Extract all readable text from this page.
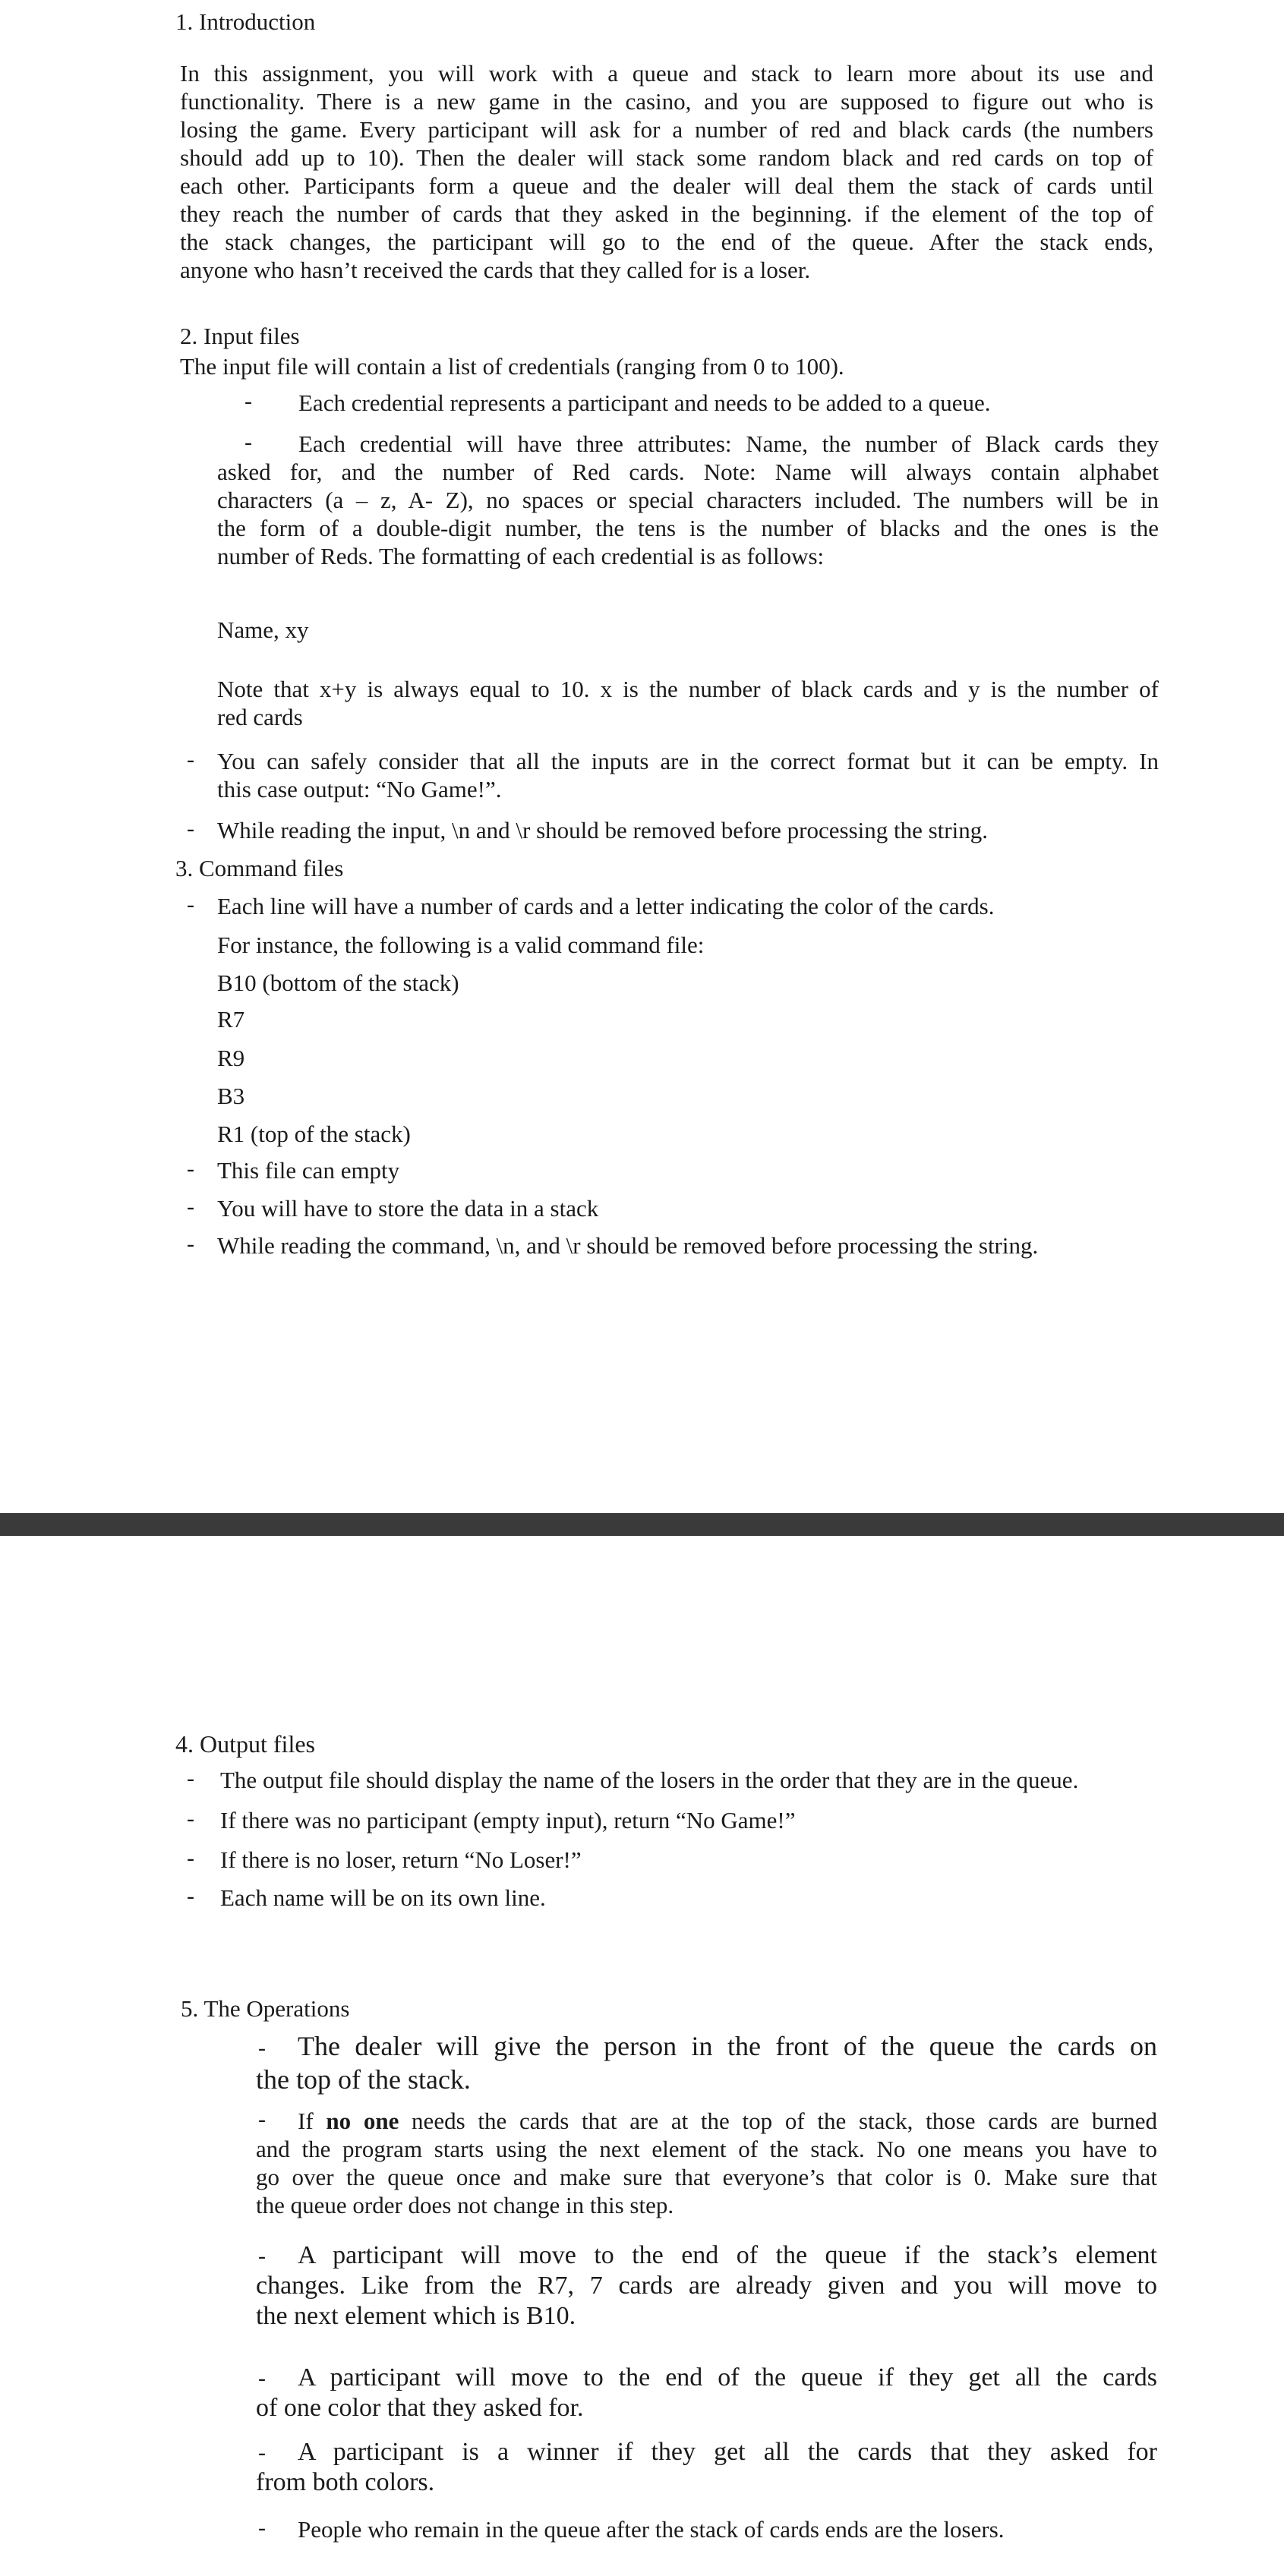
1. Introduction
In this assignment, you will work with a queue and stack to learn more about its use and
functionality. There is a new game in the casino, and you are supposed to figure out who is
losing the game. Every participant will ask for a number of red and black cards (the numbers
should add up to 10). Then the dealer will stack some random black and red cards on top of
each other. Participants form a queue and the dealer will deal them the stack of cards until
they reach the number of cards that they asked in the beginning. if the element of the top of
the stack changes, the participant will go to the end of the queue. After the stack ends,
anyone who hasn’t received the cards that they called for is a loser.
2. Input files
The input file will contain a list of credentials (ranging from 0 to 100).
- Each credential represents a participant and needs to be added to a queue.
-	Each credential will have three attributes: Name, the number of Black cards they
asked for, and the number of Red cards. Note: Name will always contain alphabet
characters (a – z, A- Z), no spaces or special characters included. The numbers will be in
the form of a double-digit number, the tens is the number of blacks and the ones is the
number of Reds. The formatting of each credential is as follows:
Name, xy
Note that x+y is always equal to 10. x is the number of black cards and y is the number of
red cards
- You can safely consider that all the inputs are in the correct format but it can be empty. In
this case output: “No Game!”.
- While reading the input, \n and \r should be removed before processing the string.
3. Command files
- Each line will have a number of cards and a letter indicating the color of the cards.
For instance, the following is a valid command file:
B10 (bottom of the stack)
R7
R9
B3
R1 (top of the stack)
- This file can empty
- You will have to store the data in a stack
- While reading the command, \n, and \r should be removed before processing the string.
4. Output files
- The output file should display the name of the losers in the order that they are in the queue.
- If there was no participant (empty input), return “No Game!”
- If there is no loser, return “No Loser!”
- Each name will be on its own line.
5. The Operations
-	The dealer will give the person in the front of the queue the cards on
the top of the stack.
-	If no one needs the cards that are at the top of the stack, those cards are burned
and the program starts using the next element of the stack. No one means you have to
go over the queue once and make sure that everyone’s that color is 0. Make sure that
the queue order does not change in this step.
-	A participant will move to the end of the queue if the stack’s element
changes. Like from the R7, 7 cards are already given and you will move to
the next element which is B10.
-	A participant will move to the end of the queue if they get all the cards
of one color that they asked for.
-	A participant is a winner if they get all the cards that they asked for
from both colors.
- People who remain in the queue after the stack of cards ends are the losers.
